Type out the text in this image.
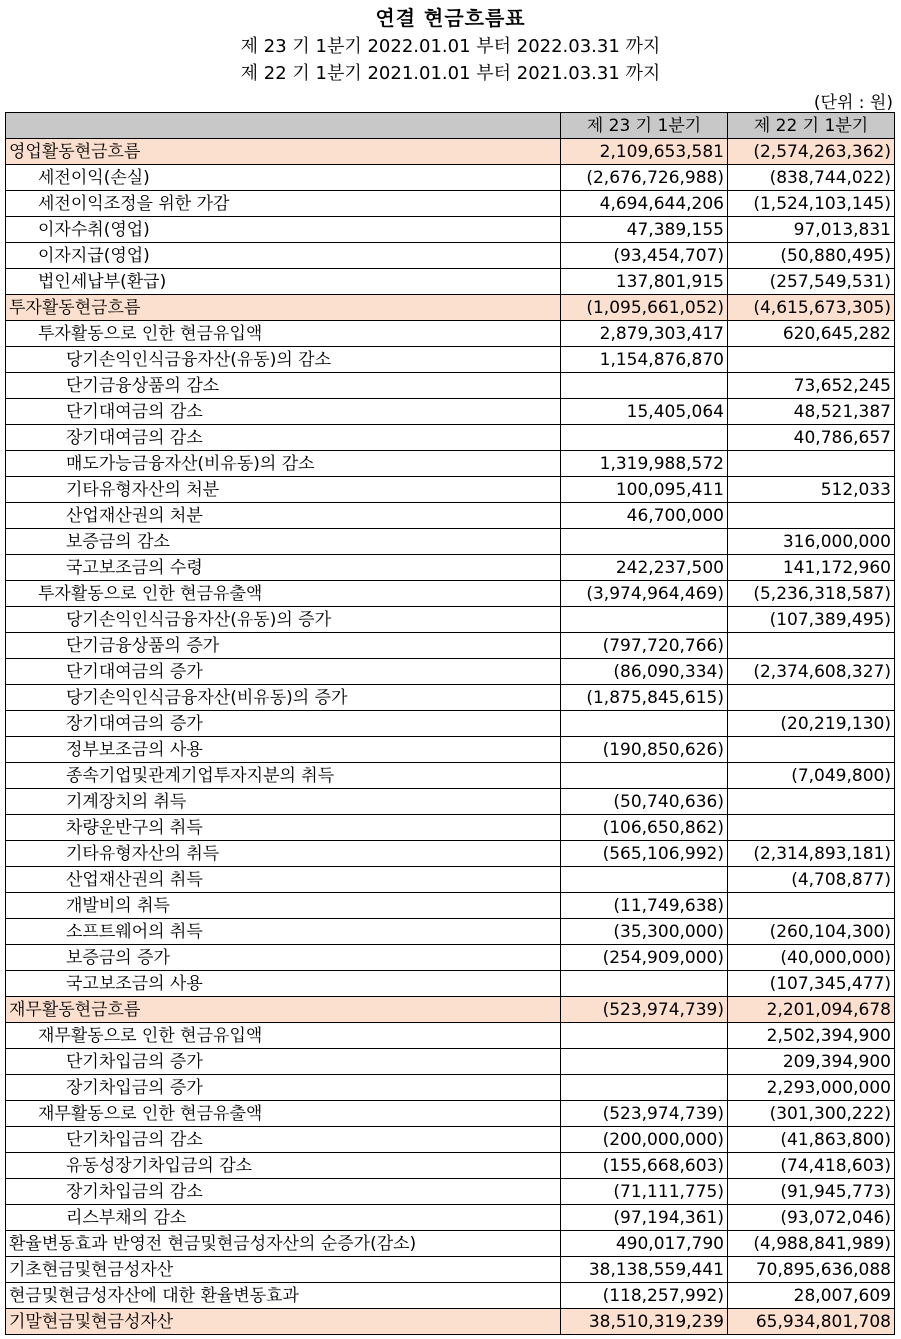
연결 현금흐름표
제 23 기 1분기 2022.01.01 부터 2022.03.31 까지
제 22 기 1분기 2021.01.01 부터 2021.03.31 까지
(단위 : 원)
	제 23 기 1분기	제 22 기 1분기
영업활동현금흐름	2,109,653,581	(2,574,263,362)
세전이익(손실)	(2,676,726,988)	(838,744,022)
세전이익조정을 위한 가감	4,694,644,206	(1,524,103,145)
이자수취(영업)	47,389,155	97,013,831
이자지급(영업)	(93,454,707)	(50,880,495)
법인세납부(환급)	137,801,915	(257,549,531)
투자활동현금흐름	(1,095,661,052)	(4,615,673,305)
투자활동으로 인한 현금유입액	2,879,303,417	620,645,282
당기손익인식금융자산(유동)의 감소	1,154,876,870	
단기금융상품의 감소		73,652,245
단기대여금의 감소	15,405,064	48,521,387
장기대여금의 감소		40,786,657
매도가능금융자산(비유동)의 감소	1,319,988,572	
기타유형자산의 처분	100,095,411	512,033
산업재산권의 처분	46,700,000	
보증금의 감소		316,000,000
국고보조금의 수령	242,237,500	141,172,960
투자활동으로 인한 현금유출액	(3,974,964,469)	(5,236,318,587)
당기손익인식금융자산(유동)의 증가		(107,389,495)
단기금융상품의 증가	(797,720,766)	
단기대여금의 증가	(86,090,334)	(2,374,608,327)
당기손익인식금융자산(비유동)의 증가	(1,875,845,615)	
장기대여금의 증가		(20,219,130)
정부보조금의 사용	(190,850,626)	
종속기업및관계기업투자지분의 취득		(7,049,800)
기계장치의 취득	(50,740,636)	
차량운반구의 취득	(106,650,862)	
기타유형자산의 취득	(565,106,992)	(2,314,893,181)
산업재산권의 취득		(4,708,877)
개발비의 취득	(11,749,638)	
소프트웨어의 취득	(35,300,000)	(260,104,300)
보증금의 증가	(254,909,000)	(40,000,000)
국고보조금의 사용		(107,345,477)
재무활동현금흐름	(523,974,739)	2,201,094,678
재무활동으로 인한 현금유입액		2,502,394,900
단기차입금의 증가		209,394,900
장기차입금의 증가		2,293,000,000
재무활동으로 인한 현금유출액	(523,974,739)	(301,300,222)
단기차입금의 감소	(200,000,000)	(41,863,800)
유동성장기차입금의 감소	(155,668,603)	(74,418,603)
장기차입금의 감소	(71,111,775)	(91,945,773)
리스부채의 감소	(97,194,361)	(93,072,046)
환율변동효과 반영전 현금및현금성자산의 순증가(감소)	490,017,790	(4,988,841,989)
기초현금및현금성자산	38,138,559,441	70,895,636,088
현금및현금성자산에 대한 환율변동효과	(118,257,992)	28,007,609
기말현금및현금성자산	38,510,319,239	65,934,801,708
